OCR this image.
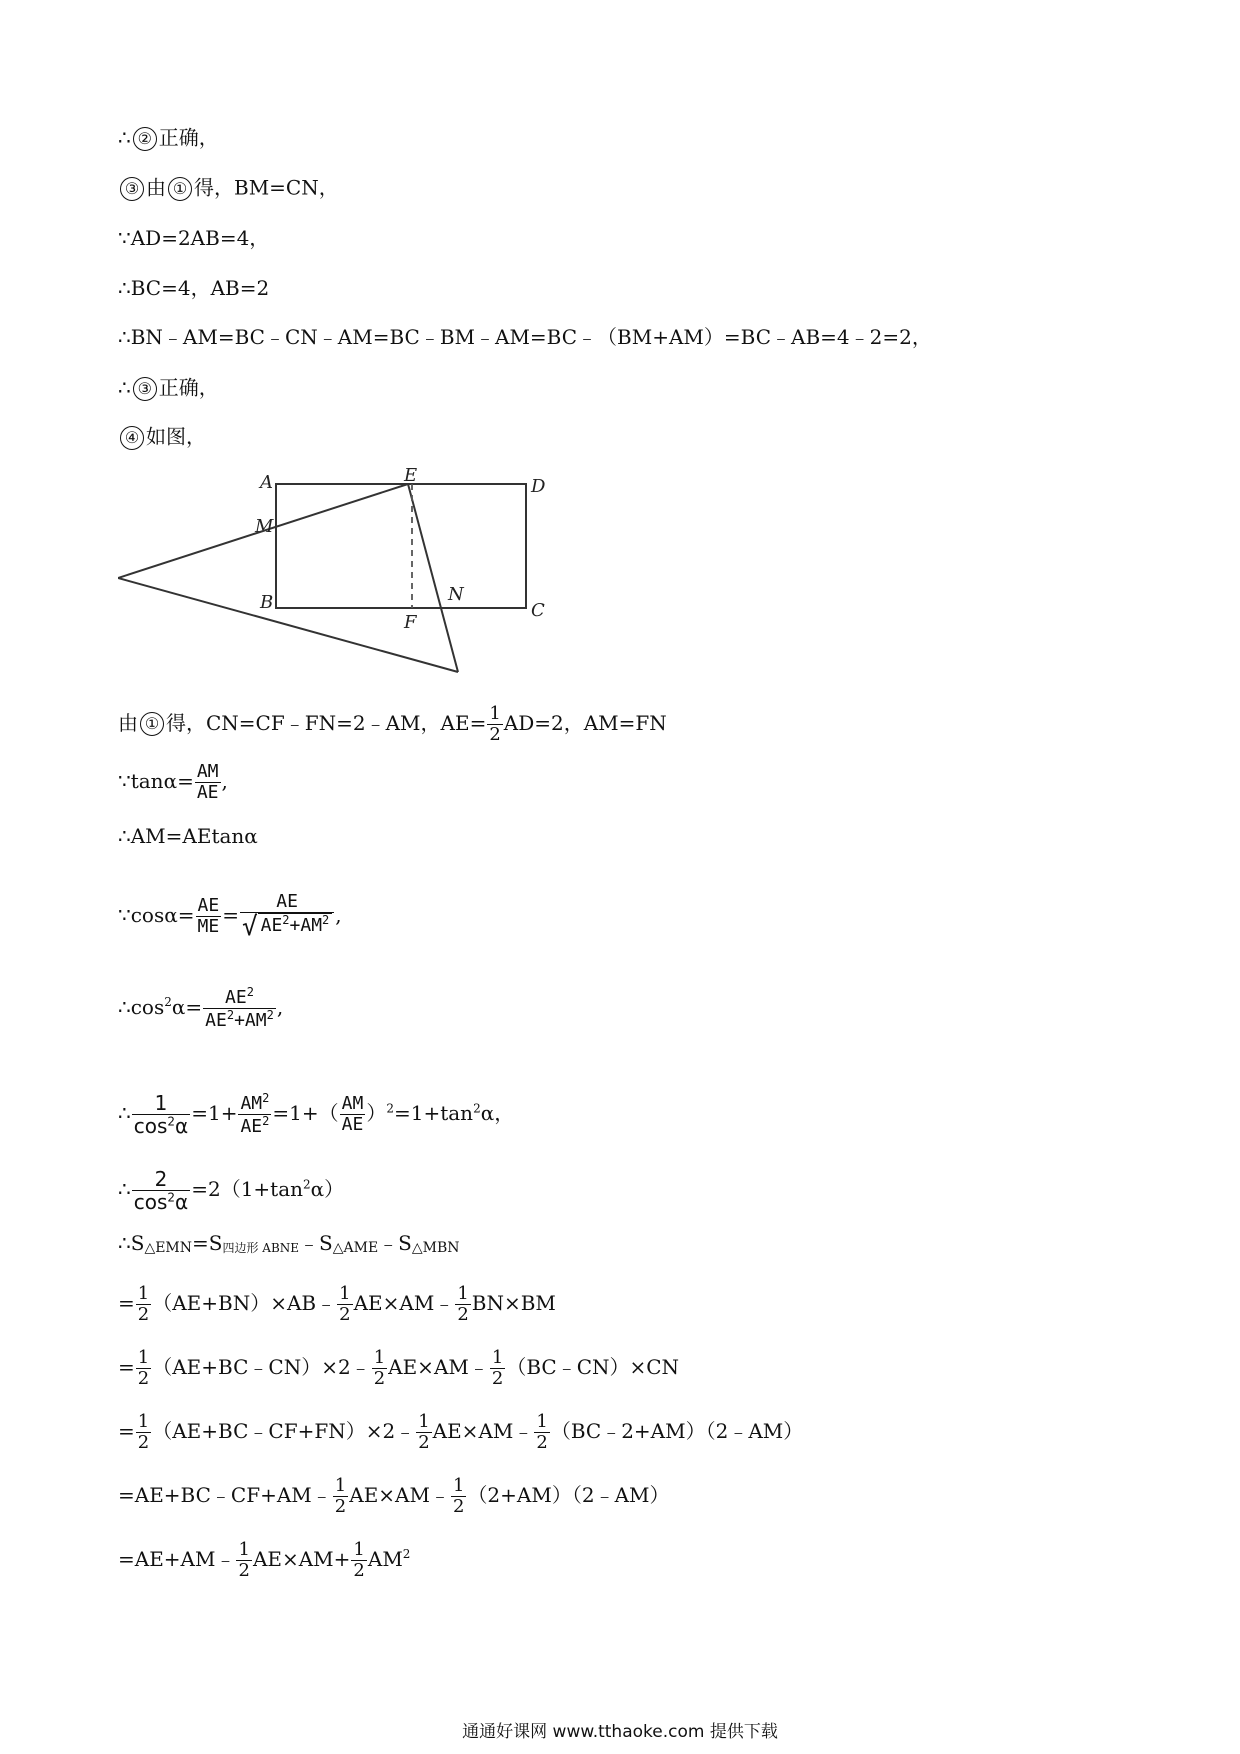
∴ ② 正确，
③ 由 ① 得，BM=CN，
∵AD=2AB=4，
∴BC=4，AB=2
∴BN﹣AM=BC﹣CN﹣AM=BC﹣BM﹣AM=BC﹣（BM+AM）=BC﹣AB=4﹣2=2，
∴ ③ 正确，
④ 如图，
A	E
D
M
B
F
N
C
由 ① 得，CN=CF﹣FN=2﹣AM，$AE= \frac{1}{2} AD=2$，AM=FN
∵tanα= $\frac{AM}{AE}$ ,
∴AM=AEtanα
∵cosα= $\frac{AE}{ME} = \frac{AE}{√ AE^2+AM^2}$ ,
$\therefore\cos^2\alpha= \frac{AE^2}{AE^2+AM^2}$ ,
∴ $\frac{1}{\cos^2\alpha} =1+ \frac{AM^2}{AE^2} =1+( \frac{AM}{AE} )^2=1+\tan^2\alpha$，
∴ $\frac{2}{\cos^2\alpha} =2(1+\tan^2\alpha)$
$\therefore S_{\triangle EMN}=S_{四边形 ABNE}﹣S_{\triangle AME}﹣S_{\triangle MBN}$
= $\frac{1}{2}$ （AE+BN）×AB﹣ $\frac{1}{2}$ AE×AM﹣ $\frac{1}{2} BN\times BM$
= $\frac{1}{2}$ （AE+BC﹣CN）×2﹣ $\frac{1}{2}$ AE×AM﹣ $\frac{1}{2}$ （BC﹣CN）×CN
= $\frac{1}{2}$ （AE+BC﹣CF+FN）×2﹣ $\frac{1}{2}$ AE×AM﹣ $\frac{1}{2}$ （BC﹣2+AM）（2﹣AM）
=AE+BC﹣CF+AM﹣ $\frac{1}{2}$ AE×AM﹣ $\frac{1}{2}$ （2+AM）（2﹣AM）
=AE+AM﹣ $\frac{1}{2} AE\times AM+ \frac{1}{2} AM^2$
通通好课网 www.tthaoke.com 提供下载
